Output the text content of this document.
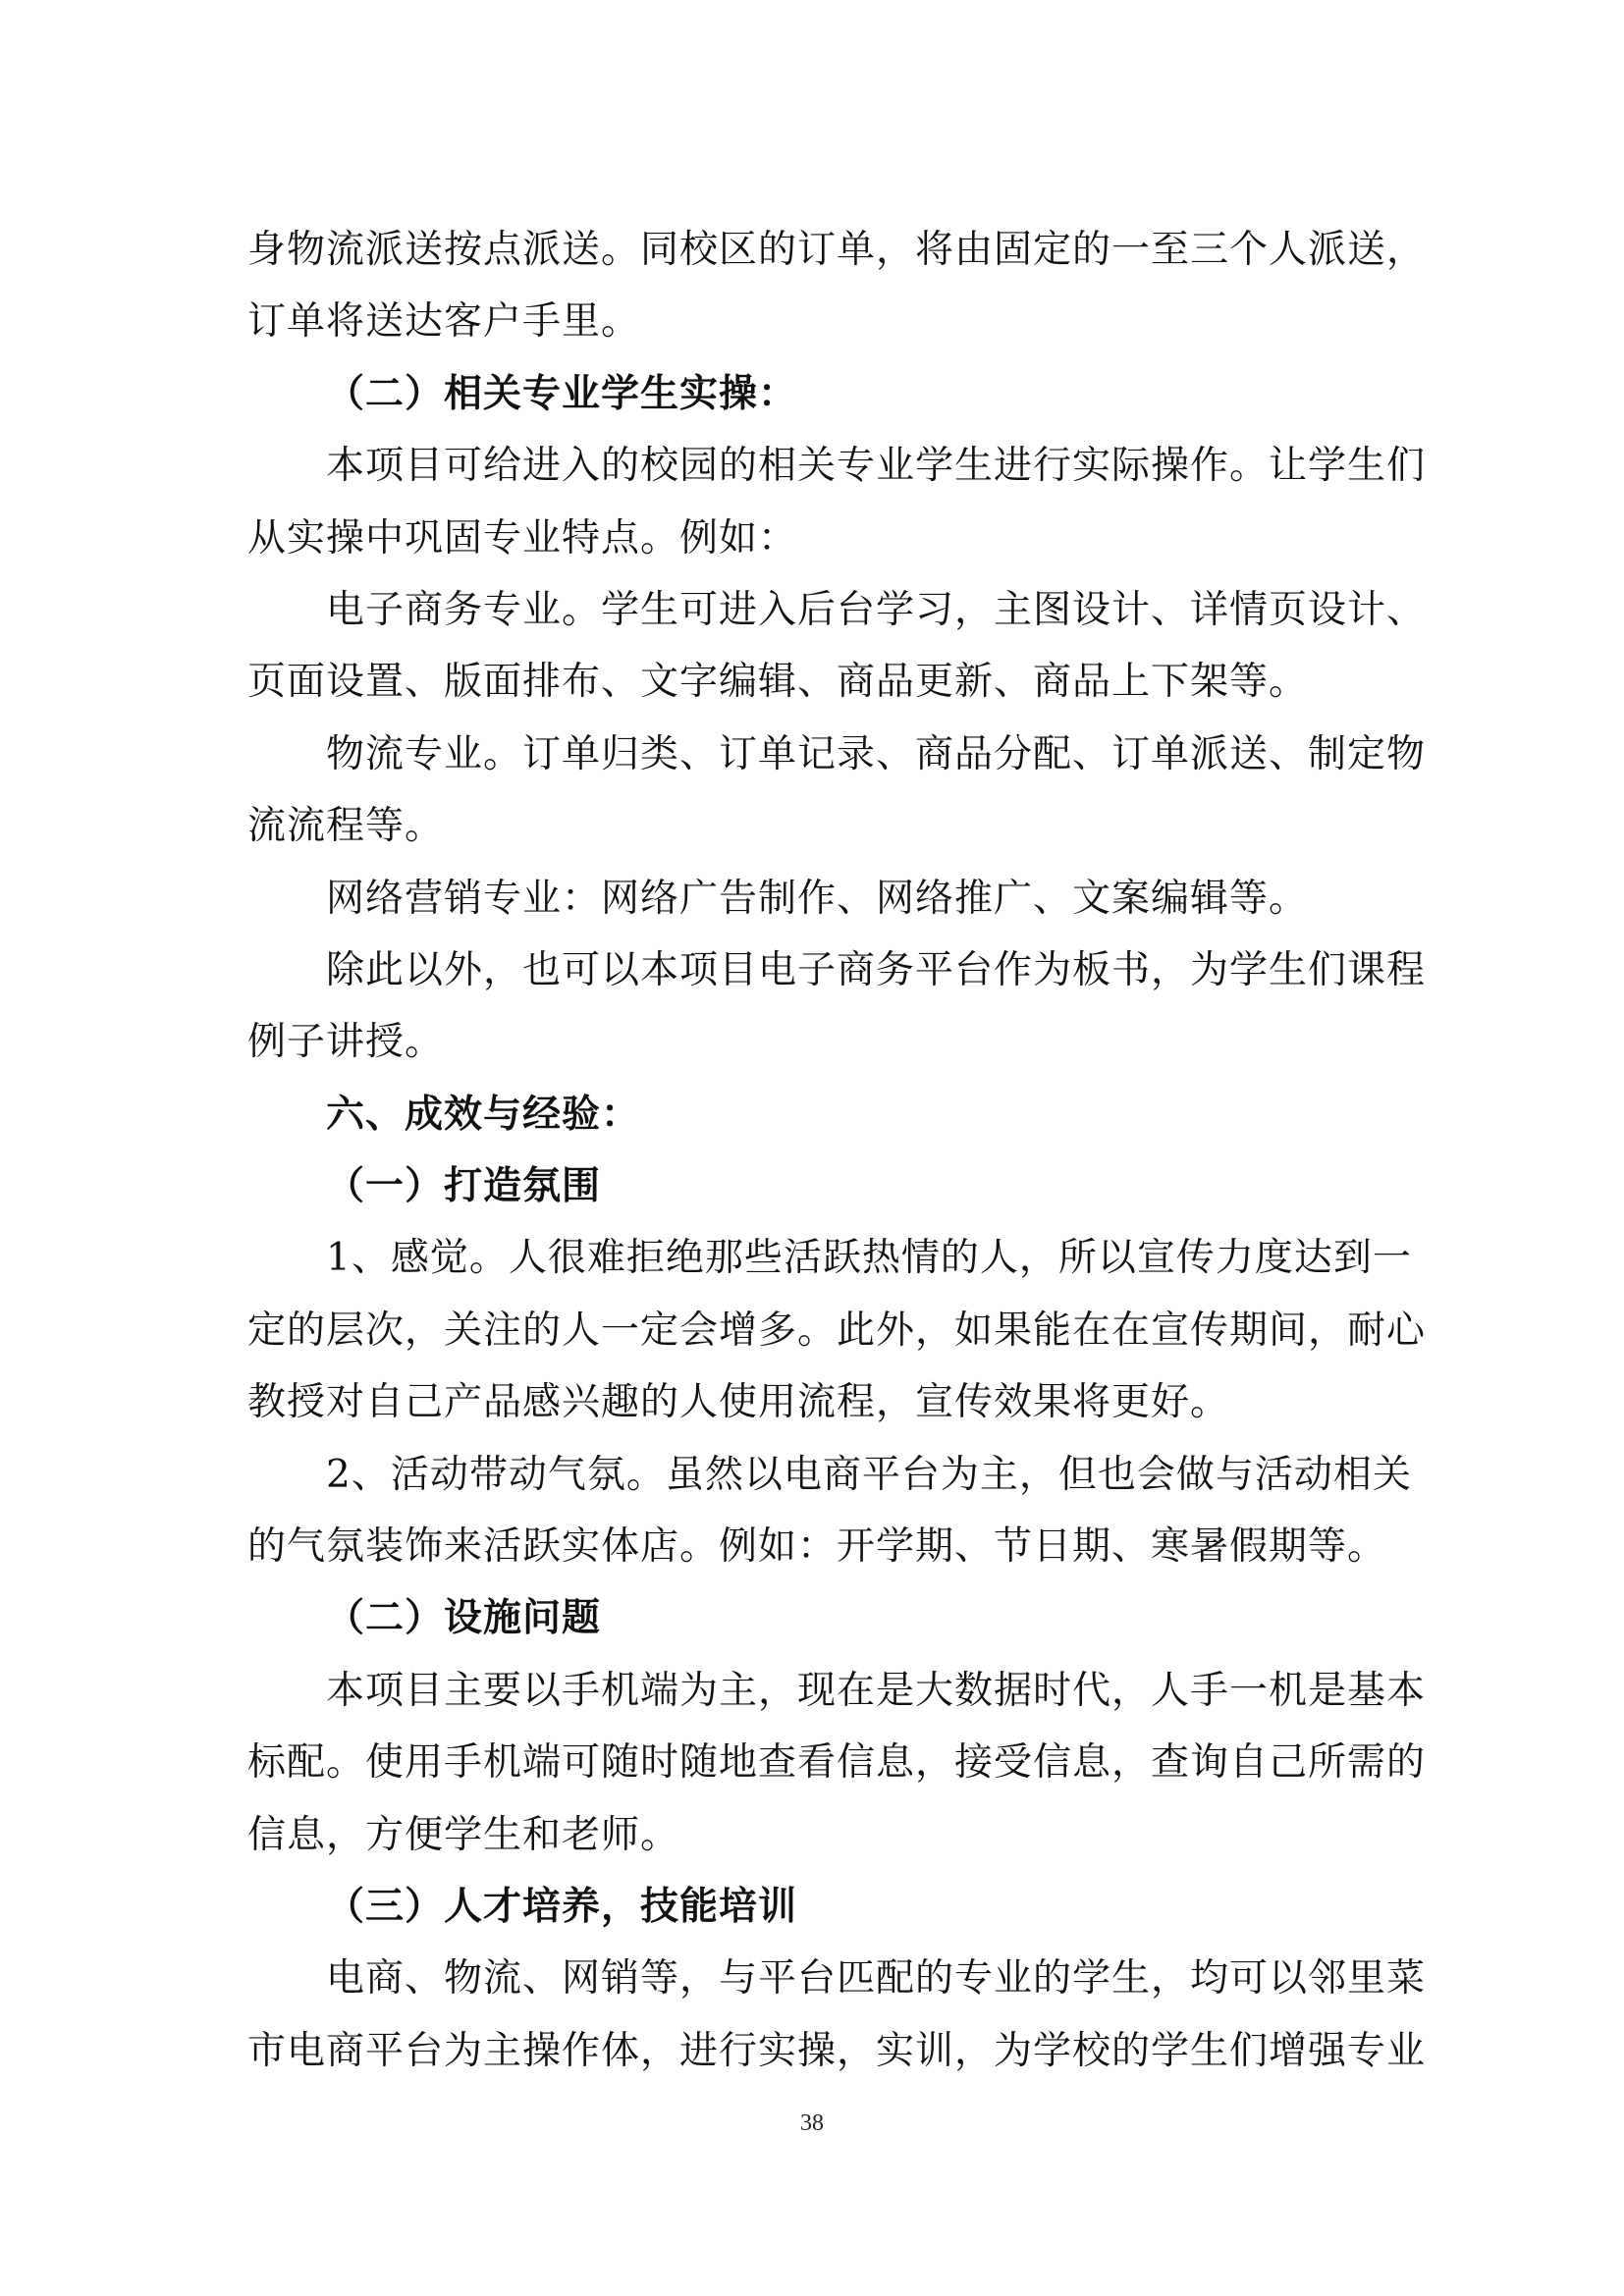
身物流派送按点派送。同校区的订单，将由固定的一至三个人派送，
订单将送达客户手里。
（二）相关专业学生实操：
本项目可给进入的校园的相关专业学生进行实际操作。让学生们
从实操中巩固专业特点。例如：
电子商务专业。学生可进入后台学习，主图设计、详情页设计、
页面设置、版面排布、文字编辑、商品更新、商品上下架等。
物流专业。订单归类、订单记录、商品分配、订单派送、制定物
流流程等。
网络营销专业：网络广告制作、网络推广、文案编辑等。
除此以外，也可以本项目电子商务平台作为板书，为学生们课程
例子讲授。
六、成效与经验：
（一）打造氛围
1、感觉。人很难拒绝那些活跃热情的人，所以宣传力度达到一
定的层次，关注的人一定会增多。此外，如果能在在宣传期间，耐心
教授对自己产品感兴趣的人使用流程，宣传效果将更好。
2、活动带动气氛。虽然以电商平台为主，但也会做与活动相关
的气氛装饰来活跃实体店。例如：开学期、节日期、寒暑假期等。
（二）设施问题
本项目主要以手机端为主，现在是大数据时代，人手一机是基本
标配。使用手机端可随时随地查看信息，接受信息，查询自己所需的
信息，方便学生和老师。
（三）人才培养，技能培训
电商、物流、网销等，与平台匹配的专业的学生，均可以邻里菜
市电商平台为主操作体，进行实操，实训，为学校的学生们增强专业
38
